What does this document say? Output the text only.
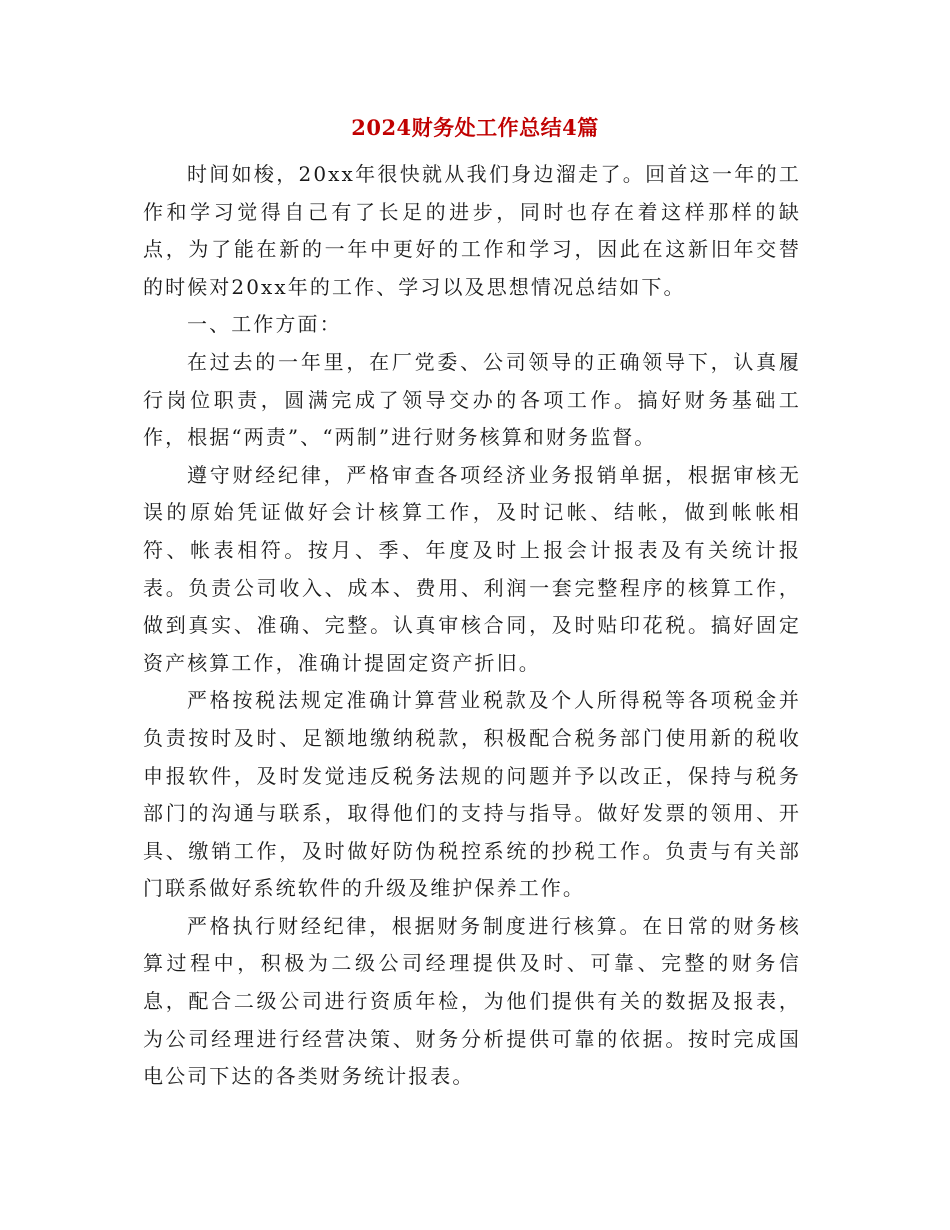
2024财务处工作总结4篇

时间如梭，20xx年很快就从我们身边溜走了。回首这一年的工作和学习觉得自己有了长足的进步，同时也存在着这样那样的缺点，为了能在新的一年中更好的工作和学习，因此在这新旧年交替的时候对20xx年的工作、学习以及思想情况总结如下。

一、工作方面：

在过去的一年里，在厂党委、公司领导的正确领导下，认真履行岗位职责，圆满完成了领导交办的各项工作。搞好财务基础工作，根据“两责”、“两制”进行财务核算和财务监督。

遵守财经纪律，严格审查各项经济业务报销单据，根据审核无误的原始凭证做好会计核算工作，及时记帐、结帐，做到帐帐相符、帐表相符。按月、季、年度及时上报会计报表及有关统计报表。负责公司收入、成本、费用、利润一套完整程序的核算工作，做到真实、准确、完整。认真审核合同，及时贴印花税。搞好固定资产核算工作，准确计提固定资产折旧。

严格按税法规定准确计算营业税款及个人所得税等各项税金并负责按时及时、足额地缴纳税款，积极配合税务部门使用新的税收申报软件，及时发觉违反税务法规的问题并予以改正，保持与税务部门的沟通与联系，取得他们的支持与指导。做好发票的领用、开具、缴销工作，及时做好防伪税控系统的抄税工作。负责与有关部门联系做好系统软件的升级及维护保养工作。

严格执行财经纪律，根据财务制度进行核算。在日常的财务核算过程中，积极为二级公司经理提供及时、可靠、完整的财务信息，配合二级公司进行资质年检，为他们提供有关的数据及报表，为公司经理进行经营决策、财务分析提供可靠的依据。按时完成国电公司下达的各类财务统计报表。
